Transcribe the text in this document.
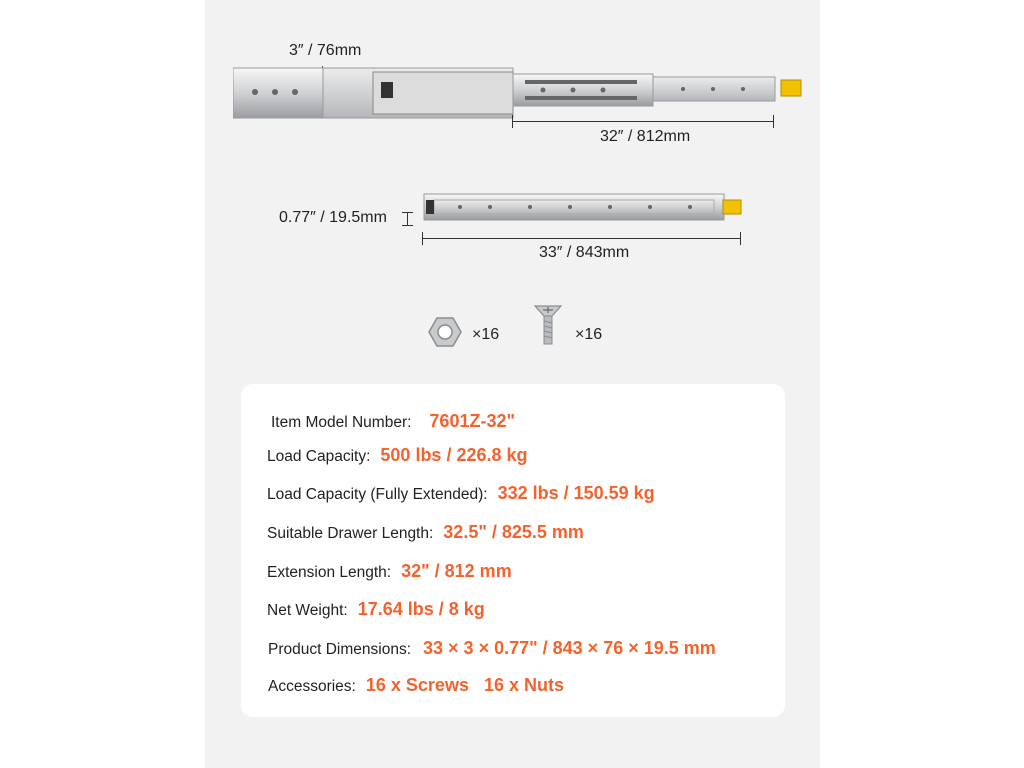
3″ / 76mm
32″ / 812mm
0.77″ / 19.5mm
33″ / 843mm
×16	×16
Item Model Number: 7601Z-32"
Load Capacity: 500 lbs / 226.8 kg
Load Capacity (Fully Extended): 332 lbs / 150.59 kg
Suitable Drawer Length: 32.5" / 825.5 mm
Extension Length: 32" / 812 mm
Net Weight: 17.64 lbs / 8 kg
Product Dimensions: 33 × 3 × 0.77" / 843 × 76 × 19.5 mm
Accessories: 16 x Screws   16 x Nuts
